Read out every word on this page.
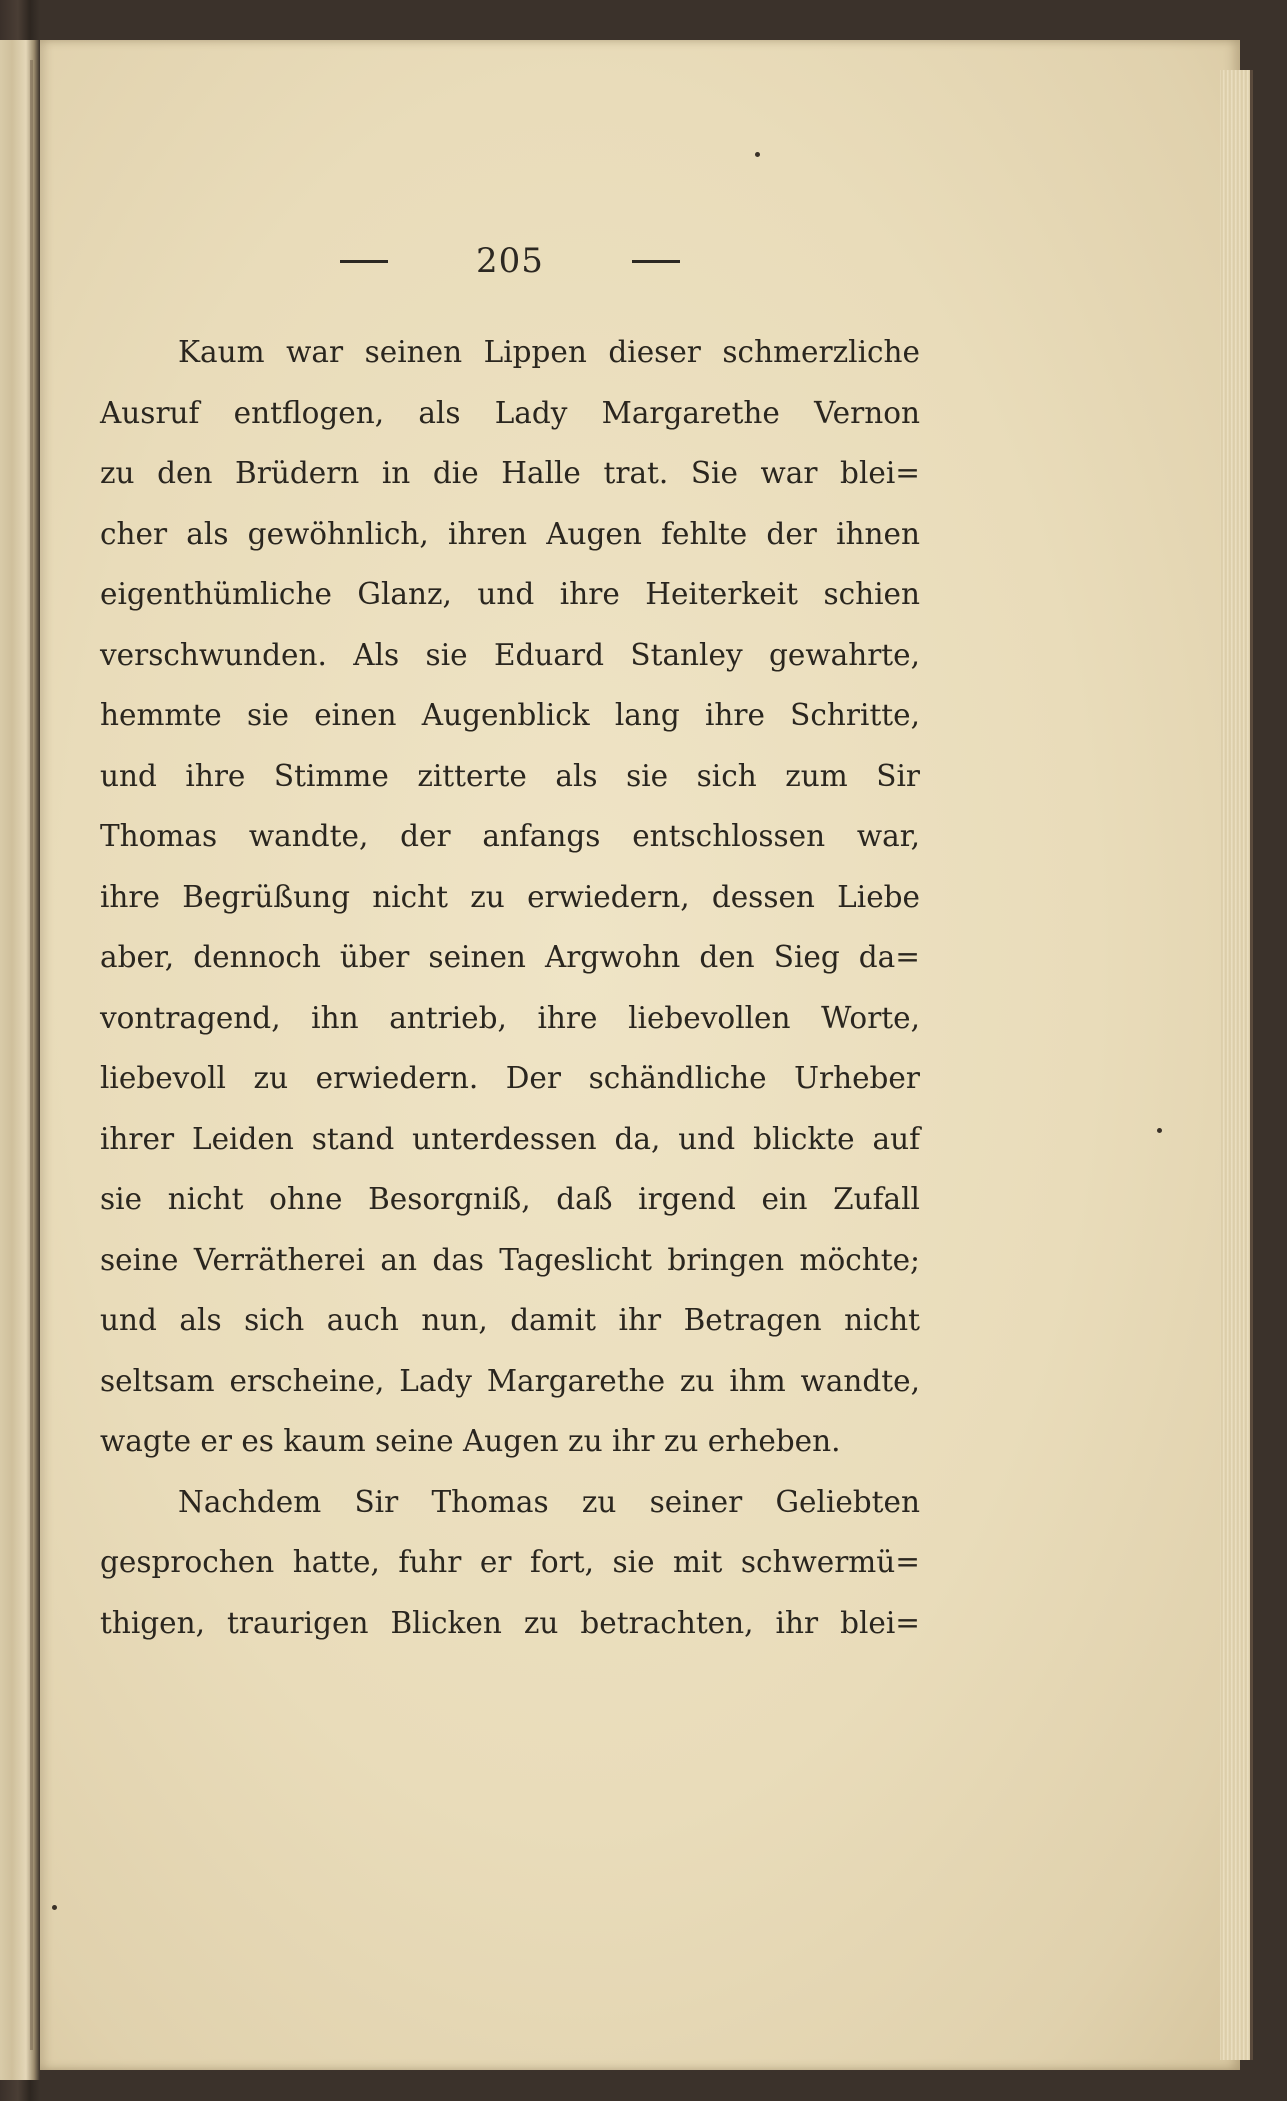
205
Kaum war seinen Lippen dieser schmerzliche
Ausruf entflogen, als Lady Margarethe Vernon
zu den Brüdern in die Halle trat. Sie war blei=
cher als gewöhnlich, ihren Augen fehlte der ihnen
eigenthümliche Glanz, und ihre Heiterkeit schien
verschwunden. Als sie Eduard Stanley gewahrte,
hemmte sie einen Augenblick lang ihre Schritte,
und ihre Stimme zitterte als sie sich zum Sir
Thomas wandte, der anfangs entschlossen war,
ihre Begrüßung nicht zu erwiedern, dessen Liebe
aber, dennoch über seinen Argwohn den Sieg da=
vontragend, ihn antrieb, ihre liebevollen Worte,
liebevoll zu erwiedern. Der schändliche Urheber
ihrer Leiden stand unterdessen da, und blickte auf
sie nicht ohne Besorgniß, daß irgend ein Zufall
seine Verrätherei an das Tageslicht bringen möchte;
und als sich auch nun, damit ihr Betragen nicht
seltsam erscheine, Lady Margarethe zu ihm wandte,
wagte er es kaum seine Augen zu ihr zu erheben.
Nachdem Sir Thomas zu seiner Geliebten
gesprochen hatte, fuhr er fort, sie mit schwermü=
thigen, traurigen Blicken zu betrachten, ihr blei=
